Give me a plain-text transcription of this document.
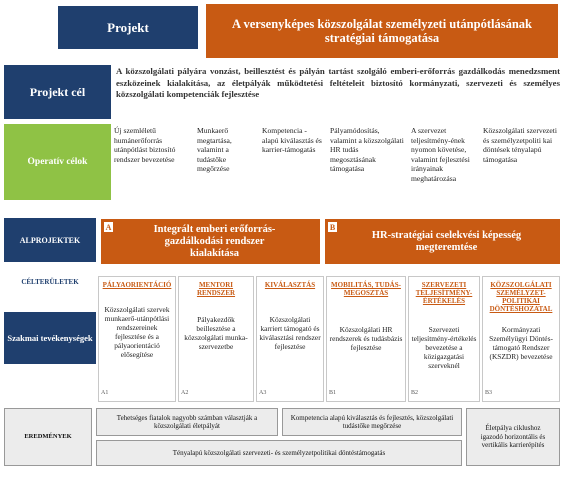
Projekt	A versenyképes közszolgálat személyzeti utánpótlásának stratégiai támogatása
Projekt cél
A közszolgálati pályára vonzást, beillesztést és pályán tartást szolgáló emberi-erőforrás gazdálkodás menedzsment eszközeinek kialakítása, az életpályák működtetési feltételeit biztosító kormányzati, szervezeti és személyes közszolgálati kompetenciák fejlesztése
Operatív célok
Új szemléletű humánerőforrás utánpótlást biztosító rendszer bevezetése
Munkaerő megtartása, valamint a tudástőke megőrzése
Kompetencia -alapú kiválasztás és karrier-támogatás
Pályamódosítás, valamint a közszolgálati HR tudás megosztásának támogatása
A szervezet teljesítmény-ének nyomon követése, valamint fejlesztési irányainak meghatározása
Közszolgálati szervezeti és személyzetpoliti kai döntések tényalapú támogatása
ALPROJEKTEK
A	Integrált emberi erőforrás-gazdálkodási rendszer kialakítása
B
HR-stratégiai cselekvési képesség megteremtése
CÉLTERÜLETEK
Szakmai tevékenységek
PÁLYAORIENTÁCIÓ
Közszolgálati szervek munkaerő-utánpótlási rendszereinek fejlesztése és a pályaorientáció elősegítése
A1
MENTORI RENDSZER
Pályakezdők beillesztése a közszolgálati munka-szervezetbe
A2
KIVÁLASZTÁS
Közszolgálati karriert támogató és kiválasztási rendszer fejlesztése
A3
MOBILITÁS, TUDÁS-MEGOSZTÁS
Közszolgálati HR rendszerek és tudásbázis fejlesztése
B1
SZERVEZETI TELJESÍTMÉNY-ÉRTÉKELÉS
Szervezeti teljesítmény-értékelés bevezetése a közigazgatási szerveknél
B2
KÖZSZOLGÁLATI SZEMÉLYZET-POLITIKAI DÖNTÉSHOZATAL
Kormányzati Személyügyi Döntés-támogató Rendszer (KSZDR) bevezetése
B3
EREDMÉNYEK
Tehetséges fiatalok nagyobb számban választják a közszolgálati életpályát
Kompetencia alapú kiválasztás és fejlesztés, közszolgálati tudástőke megőrzése	Életpálya ciklushoz igazodó horizontális és vertikális karrierépítés
Tényalapú közszolgálati szervezeti- és személyzetpolitikai döntéstámogatás
